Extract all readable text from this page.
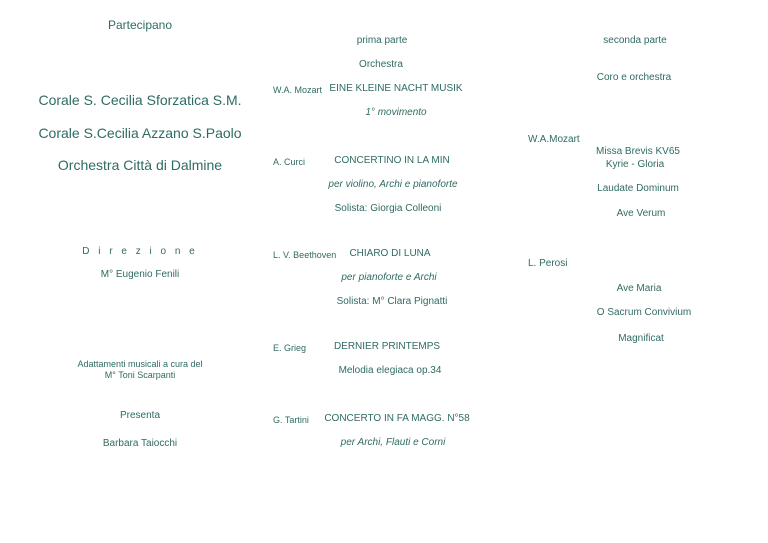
Partecipano
Corale S. Cecilia Sforzatica S.M.
Corale S.Cecilia Azzano S.Paolo
Orchestra Città di Dalmine
D i r e z i o n e
M° Eugenio Fenili
Adattamenti musicali a cura del
M° Toni Scarpanti
Presenta
Barbara Taiocchi
prima parte
Orchestra
W.A. Mozart EINE KLEINE NACHT MUSIK
1° movimento
A. Curci	CONCERTINO IN LA MIN
per violino, Archi e pianoforte
Solista: Giorgia Colleoni
L. V. Beethoven CHIARO DI LUNA
per pianoforte e Archi
Solista: M° Clara Pignatti
E. Grieg	DERNIER PRINTEMPS
Melodia elegiaca op.34
G. Tartini CONCERTO IN FA MAGG. N°58
per Archi, Flauti e Corni
seconda parte
Coro e orchestra
W.A.Mozart
Missa Brevis KV65
Kyrie - Gloria
Laudate Dominum
Ave Verum
L. Perosi
Ave Maria
O Sacrum Convivium
Magnificat
